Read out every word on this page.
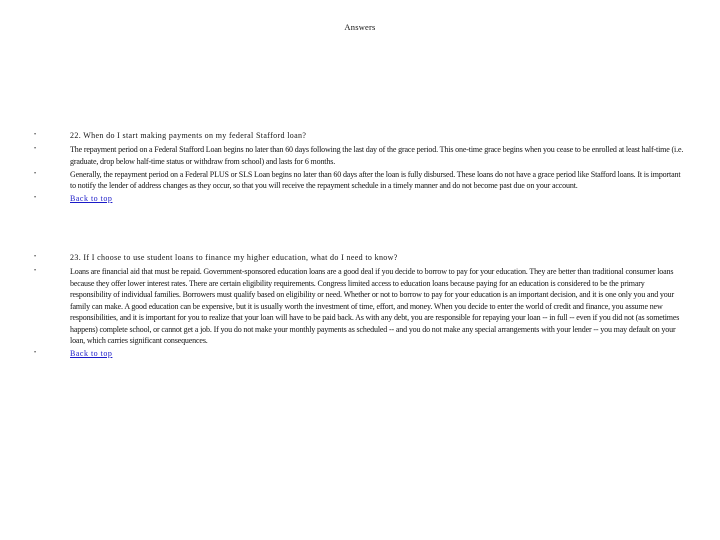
Answers
•	22. When do I start making payments on my federal Stafford loan?
•	The repayment period on a Federal Stafford Loan begins no later than 60 days following the last day of the grace period. This one-time grace begins when you cease to be enrolled at least half-time (i.e. graduate, drop below half-time status or withdraw from school) and lasts for 6 months.
•	Generally, the repayment period on a Federal PLUS or SLS Loan begins no later than 60 days after the loan is fully disbursed. These loans do not have a grace period like Stafford loans. It is important to notify the lender of address changes as they occur, so that you will receive the repayment schedule in a timely manner and do not become past due on your account.
•	Back to top
•	23. If I choose to use student loans to finance my higher education, what do I need to know?
•	Loans are financial aid that must be repaid. Government-sponsored education loans are a good deal if you decide to borrow to pay for your education. They are better than traditional consumer loans because they offer lower interest rates. There are certain eligibility requirements. Congress limited access to education loans because paying for an education is considered to be the primary responsibility of individual families. Borrowers must qualify based on eligibility or need. Whether or not to borrow to pay for your education is an important decision, and it is one only you and your family can make. A good education can be expensive, but it is usually worth the investment of time, effort, and money. When you decide to enter the world of credit and finance, you assume new responsibilities, and it is important for you to realize that your loan will have to be paid back. As with any debt, you are responsible for repaying your loan -- in full -- even if you did not (as sometimes happens) complete school, or cannot get a job. If you do not make your monthly payments as scheduled -- and you do not make any special arrangements with your lender -- you may default on your loan, which carries significant consequences.
•	Back to top
